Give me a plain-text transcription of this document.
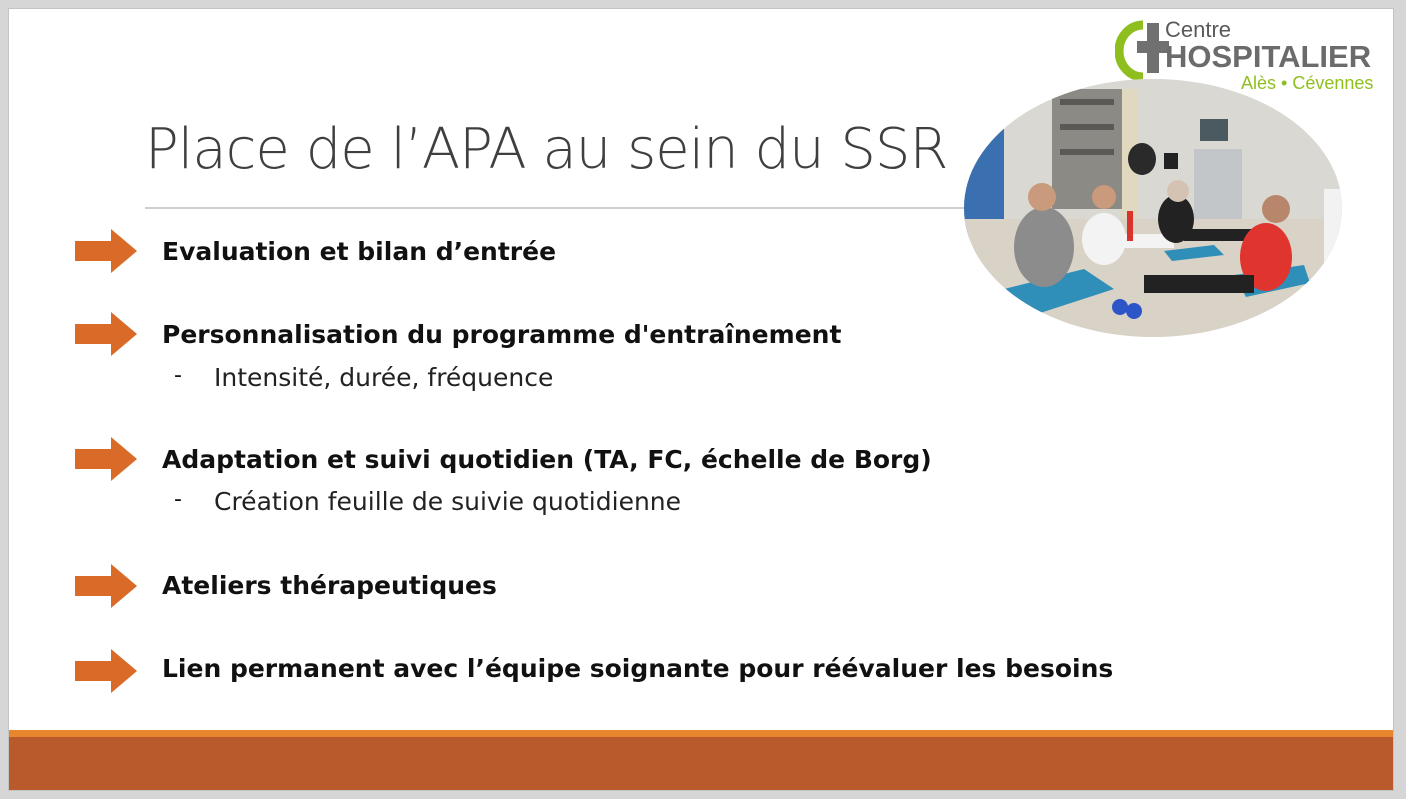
Centre
HOSPITALIER
Alès • Cévennes
Place de l’APA au sein du SSR
Evaluation et bilan d’entrée
Personnalisation du programme d'entraînement
- Intensité, durée, fréquence
Adaptation et suivi quotidien (TA, FC, échelle de Borg)
- Création feuille de suivie quotidienne
Ateliers thérapeutiques
Lien permanent avec l’équipe soignante pour réévaluer les besoins
